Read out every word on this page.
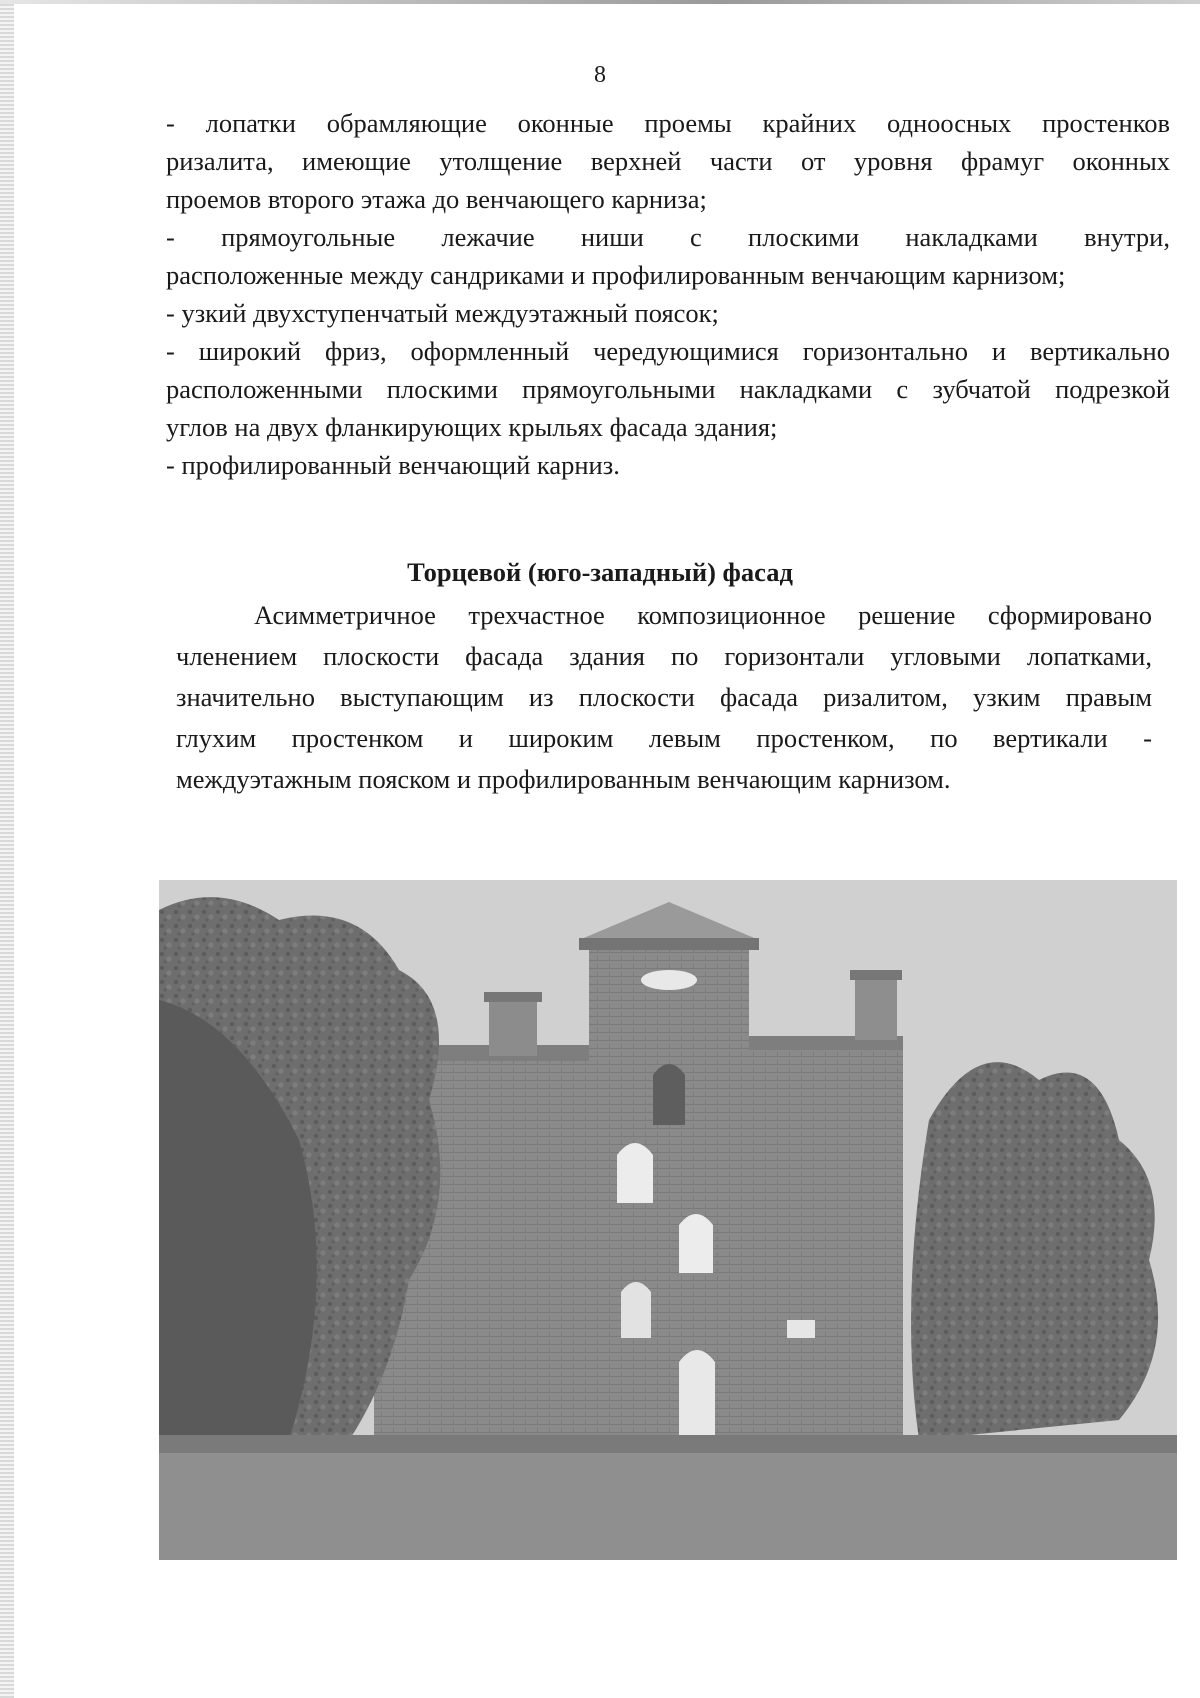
8
- лопатки обрамляющие оконные проемы крайних одноосных простенков
ризалита, имеющие утолщение верхней части от уровня фрамуг оконных
проемов второго этажа до венчающего карниза;
- прямоугольные лежачие ниши с плоскими накладками внутри,
расположенные между сандриками и профилированным венчающим карнизом;
- узкий двухступенчатый междуэтажный поясок;
- широкий фриз, оформленный чередующимися горизонтально и вертикально
расположенными плоскими прямоугольными накладками с зубчатой подрезкой
углов на двух фланкирующих крыльях фасада здания;
- профилированный венчающий карниз.
Торцевой (юго-западный) фасад
Асимметричное трехчастное композиционное решение сформировано
членением плоскости фасада здания по горизонтали угловыми лопатками,
значительно выступающим из плоскости фасада ризалитом, узким правым
глухим простенком и широким левым простенком, по вертикали -
междуэтажным пояском и профилированным венчающим карнизом.
